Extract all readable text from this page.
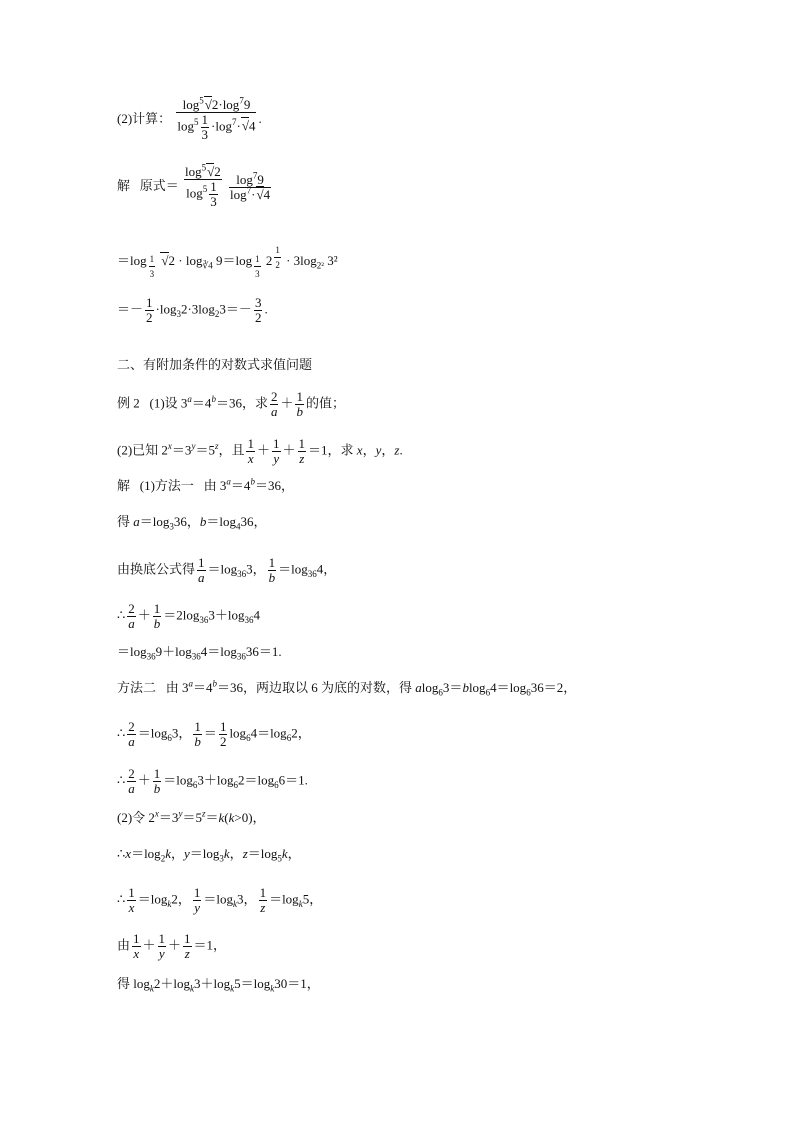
(2)计算： $\frac{\log^5√2\cdot\log^79}{\log^5 \frac{1}{3} \cdot\log^7\cdot√4}$ .
解   原式＝ $\frac{\log^5√2}{\log^5 \frac{1}{3}}$
$\frac{\log^79}{\log^7\cdot√4}$
＝log $_{\frac{1}{3}}$ $√2 \cdot \log_{∛4} 9=\log$ $_{\frac{1}{3}}$ 2 $^{\frac{1}{2}} \cdot 3\log_{2^2}$ 3²
＝－ $\frac{1}{2} \cdot\log_32\cdot 3\log_23=- \frac{3}{2}$ .
二、有附加条件的对数式求值问题
例 2   (1)设 $3^a=4^b=36$，求 $\frac{2}{a} + \frac{1}{b}$ 的值；
(2)已知 $2^x=3^y=5^z$，且 $\frac{1}{x} + \frac{1}{y} + \frac{1}{z} =1$，求 x，y，z.
解   (1)方法一   由 $3^a=4^b=36$，
得 $a=\log_336$，$b=\log_436$，
由换底公式得 $\frac{1}{a} =\log_{36}3$， $\frac{1}{b} =\log_{36}4$，
∴ $\frac{2}{a} + \frac{1}{b} =2\log_{36}3+\log_{36}4$
$=\log_{36}9+\log_{36}4=\log_{36}36=1$.
方法二   由 $3^a=4^b=36$，两边取以 6 为底的对数，得 $alog_63=blog_64=\log_636=2$，
∴ $\frac{2}{a} =\log_63$， $\frac{1}{b} = \frac{1}{2} \log_64=\log_62$，
∴ $\frac{2}{a} + \frac{1}{b} =\log_63+\log_62=\log_66=1$.
(2)令 $2^x=3^y=5^z=k(k>0)$，
$\therefore x=\log_2k$，$y=\log_3k$，$z=\log_5k$，
∴ $\frac{1}{x} =\log_k2$， $\frac{1}{y} =\log_k3$， $\frac{1}{z} =\log_k5$，
由 $\frac{1}{x} + \frac{1}{y} + \frac{1}{z} =1$，
得 $\log_k2+\log_k3+\log_k5=\log_k30=1$，
